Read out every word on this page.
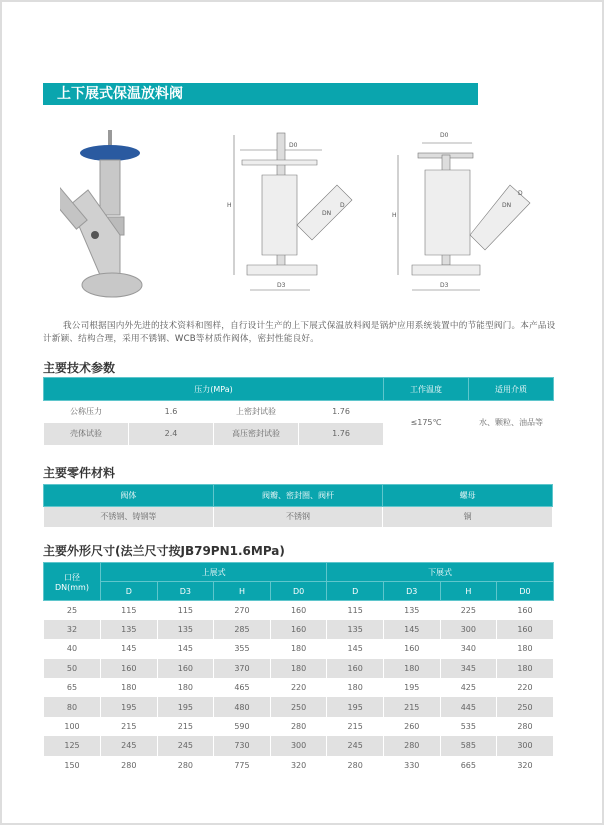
上下展式保温放料阀
H
D0
D
DN
D3
H
D0
D
DN
D3

我公司根据国内外先进的技术资料和图样，自行设计生产的上下展式保温放料阀是锅炉应用系统装置中的节能型阀门。本产品设计新颖、结构合理，采用不锈钢、WCB等材质作阀体，密封性能良好。

主要技术参数
压力(MPa)				工作温度	适用介质
公称压力	1.6	上密封试验	1.76	≤175℃	水、颗粒、油品等
壳体试验	2.4	高压密封试验	1.76		
主要零件材料
阀体	阀瓣、密封圈、阀杆	螺母
不锈钢、铸钢等	不锈钢	铜
主要外形尺寸(法兰尺寸按JB79PN1.6MPa)
口径
DN(mm)	上展式				下展式			
	D	D3	H	D0	D	D3	H	D0
25	115	115	270	160	115	135	225	160
32	135	135	285	160	135	145	300	160
40	145	145	355	180	145	160	340	180
50	160	160	370	180	160	180	345	180
65	180	180	465	220	180	195	425	220
80	195	195	480	250	195	215	445	250
100	215	215	590	280	215	260	535	280
125	245	245	730	300	245	280	585	300
150	280	280	775	320	280	330	665	320
